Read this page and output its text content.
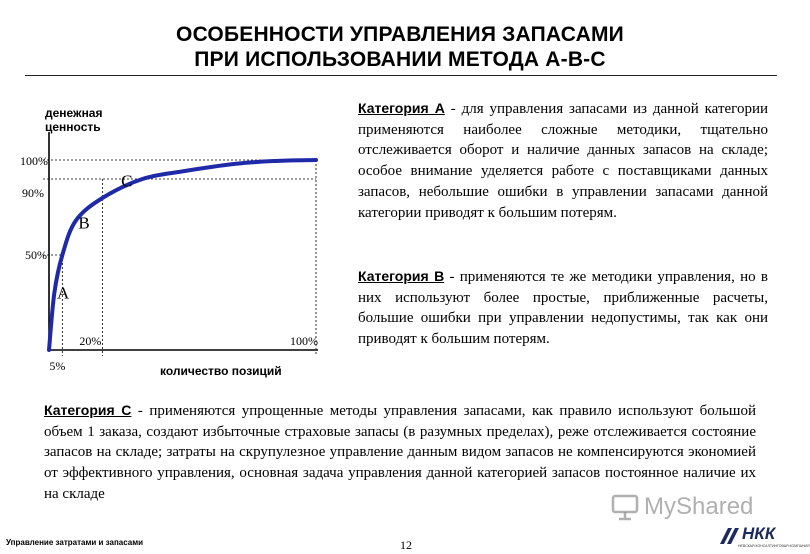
ОСОБЕННОСТИ УПРАВЛЕНИЯ ЗАПАСАМИ
ПРИ ИСПОЛЬЗОВАНИИ МЕТОДА А-В-С
50%
90%
100%
5%
20%	100%
A
B
C
денежная ценность
количество позиций
Категория А - для управления запасами из данной категории применяются наиболее сложные методики, тщательно отслеживается оборот и наличие данных запасов на складе; особое внимание уделяется работе с поставщиками данных запасов, небольшие ошибки в управлении запасами данной категории приводят к большим потерям.
Категория В - применяются те же методики управления, но в них используют более простые, приближенные расчеты, большие ошибки при управлении недопустимы, так как они приводят к большим потерям.
Категория С - применяются упрощенные методы управления запасами, как правило используют большой объем 1 заказа, создают избыточные страховые запасы (в разумных пределах), реже отслеживается состояние запасов на складе; затраты на скрупулезное управление данным видом запасов не компенсируются экономией от эффективного управления, основная задача управления данной категорией запасов постоянное наличие их на складе	MyShared
Управление затратами и запасами	12
НКК
НЕВСКАЯ КОНСАЛТИНГОВАЯ КОМПАНИЯ
